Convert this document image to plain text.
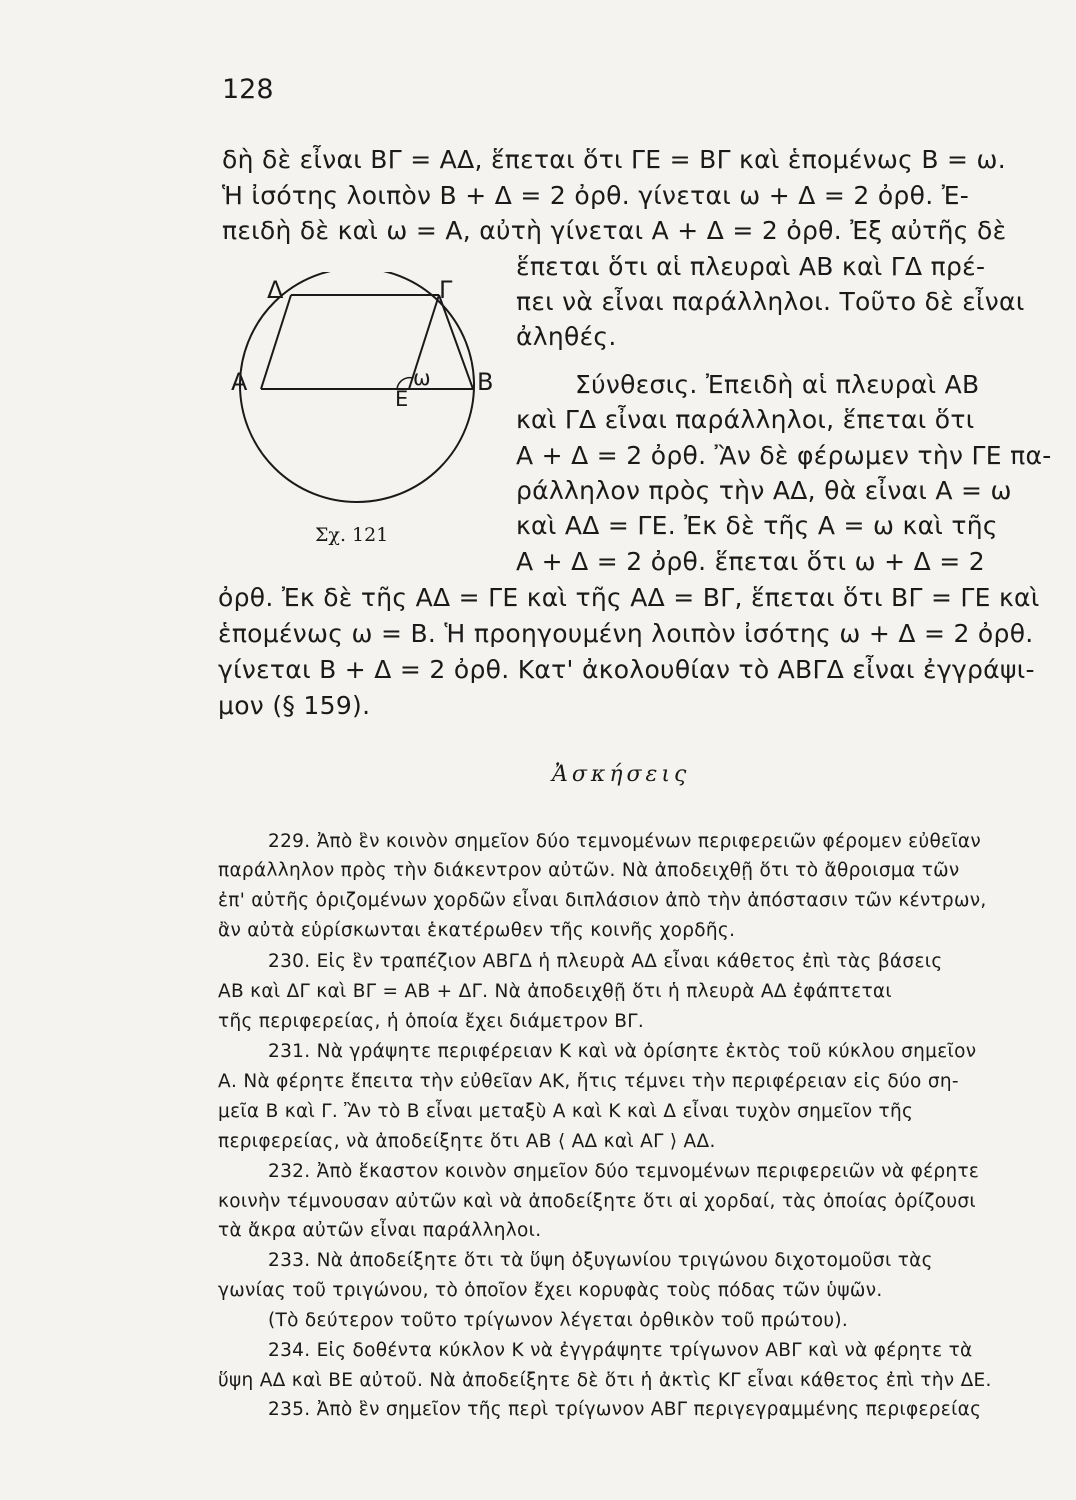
128
δὴ δὲ εἶναι ΒΓ = ΑΔ, ἕπεται ὅτι ΓΕ = ΒΓ καὶ ἑπομένως Β = ω.
Ἡ ἰσότης λοιπὸν Β + Δ = 2 ὀρθ. γίνεται ω + Δ = 2 ὀρθ. Ἐ-
πειδὴ δὲ καὶ ω = Α, αὐτὴ γίνεται Α + Δ = 2 ὀρθ. Ἐξ αὐτῆς δὲ
ἕπεται ὅτι αἱ πλευραὶ ΑΒ καὶ ΓΔ πρέ-
πει νὰ εἶναι παράλληλοι. Τοῦτο δὲ εἶναι
ἀληθές.
Σύνθεσις. Ἐπειδὴ αἱ πλευραὶ ΑΒ
καὶ ΓΔ εἶναι παράλληλοι, ἕπεται ὅτι
Α + Δ = 2 ὀρθ. Ἂν δὲ φέρωμεν τὴν ΓΕ πα-
ράλληλον πρὸς τὴν ΑΔ, θὰ εἶναι Α = ω
καὶ ΑΔ = ΓΕ. Ἐκ δὲ τῆς Α = ω καὶ τῆς
Α + Δ = 2 ὀρθ. ἕπεται ὅτι ω + Δ = 2
ὀρθ. Ἐκ δὲ τῆς ΑΔ = ΓΕ καὶ τῆς ΑΔ = ΒΓ, ἕπεται ὅτι ΒΓ = ΓΕ καὶ
ἑπομένως ω = Β. Ἡ προηγουμένη λοιπὸν ἰσότης ω + Δ = 2 ὀρθ.
γίνεται Β + Δ = 2 ὀρθ. Κατ' ἀκολουθίαν τὸ ΑΒΓΔ εἶναι ἐγγράψι-
μον (§ 159).
Δ	Γ
Α	Β
ω
Ε
Σχ. 121
Ἀσκήσεις
229. Ἀπὸ ἓν κοινὸν σημεῖον δύο τεμνομένων περιφερειῶν φέρομεν εὐθεῖαν
παράλληλον πρὸς τὴν διάκεντρον αὐτῶν. Νὰ ἀποδειχθῇ ὅτι τὸ ἄθροισμα τῶν
ἐπ' αὐτῆς ὁριζομένων χορδῶν εἶναι διπλάσιον ἀπὸ τὴν ἀπόστασιν τῶν κέντρων,
ἂν αὐτὰ εὑρίσκωνται ἑκατέρωθεν τῆς κοινῆς χορδῆς.
230. Εἰς ἓν τραπέζιον ΑΒΓΔ ἡ πλευρὰ ΑΔ εἶναι κάθετος ἐπὶ τὰς βάσεις
ΑΒ καὶ ΔΓ καὶ ΒΓ = ΑΒ + ΔΓ. Νὰ ἀποδειχθῇ ὅτι ἡ πλευρὰ ΑΔ ἐφάπτεται
τῆς περιφερείας, ἡ ὁποία ἔχει διάμετρον ΒΓ.
231. Νὰ γράψητε περιφέρειαν Κ καὶ νὰ ὁρίσητε ἐκτὸς τοῦ κύκλου σημεῖον
Α. Νὰ φέρητε ἔπειτα τὴν εὐθεῖαν ΑΚ, ἥτις τέμνει τὴν περιφέρειαν εἰς δύο ση-
μεῖα Β καὶ Γ. Ἂν τὸ Β εἶναι μεταξὺ Α καὶ Κ καὶ Δ εἶναι τυχὸν σημεῖον τῆς
περιφερείας, νὰ ἀποδείξητε ὅτι ΑΒ ⟨ ΑΔ καὶ ΑΓ ⟩ ΑΔ.
232. Ἀπὸ ἕκαστον κοινὸν σημεῖον δύο τεμνομένων περιφερειῶν νὰ φέρητε
κοινὴν τέμνουσαν αὐτῶν καὶ νὰ ἀποδείξητε ὅτι αἱ χορδαί, τὰς ὁποίας ὁρίζουσι
τὰ ἄκρα αὐτῶν εἶναι παράλληλοι.
233. Νὰ ἀποδείξητε ὅτι τὰ ὕψη ὀξυγωνίου τριγώνου διχοτομοῦσι τὰς
γωνίας τοῦ τριγώνου, τὸ ὁποῖον ἔχει κορυφὰς τοὺς πόδας τῶν ὑψῶν.
(Τὸ δεύτερον τοῦτο τρίγωνον λέγεται ὀρθικὸν τοῦ πρώτου).
234. Εἰς δοθέντα κύκλον Κ νὰ ἐγγράψητε τρίγωνον ΑΒΓ καὶ νὰ φέρητε τὰ
ὕψη ΑΔ καὶ ΒΕ αὐτοῦ. Νὰ ἀποδείξητε δὲ ὅτι ἡ ἀκτὶς ΚΓ εἶναι κάθετος ἐπὶ τὴν ΔΕ.
235. Ἀπὸ ἓν σημεῖον τῆς περὶ τρίγωνον ΑΒΓ περιγεγραμμένης περιφερείας
